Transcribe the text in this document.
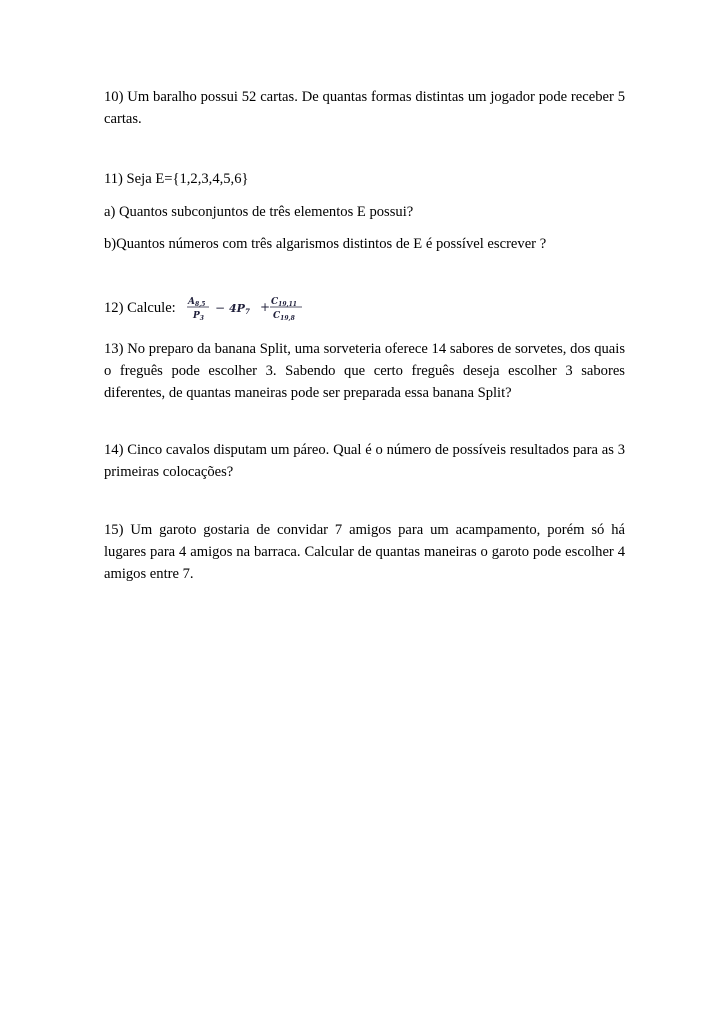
10) Um baralho possui 52 cartas. De quantas formas distintas um jogador pode receber 5 cartas.

11) Seja E={1,2,3,4,5,6}

a) Quantos subconjuntos de três elementos E possui?

b)Quantos números com três algarismos distintos de E é possível escrever ?

12) Calcule: $A_{8,5}$
$P_3$
− $4P7 + C_{19,11}$
$C_{19,8}$

13) No preparo da banana Split, uma sorveteria oferece 14 sabores de sorvetes, dos quais o freguês pode escolher 3. Sabendo que certo freguês deseja escolher 3 sabores diferentes, de quantas maneiras pode ser preparada essa banana Split?

14) Cinco cavalos disputam um páreo. Qual é o número de possíveis resultados para as 3 primeiras colocações?

15) Um garoto gostaria de convidar 7 amigos para um acampamento, porém só há lugares para 4 amigos na barraca. Calcular de quantas maneiras o garoto pode escolher 4 amigos entre 7.
